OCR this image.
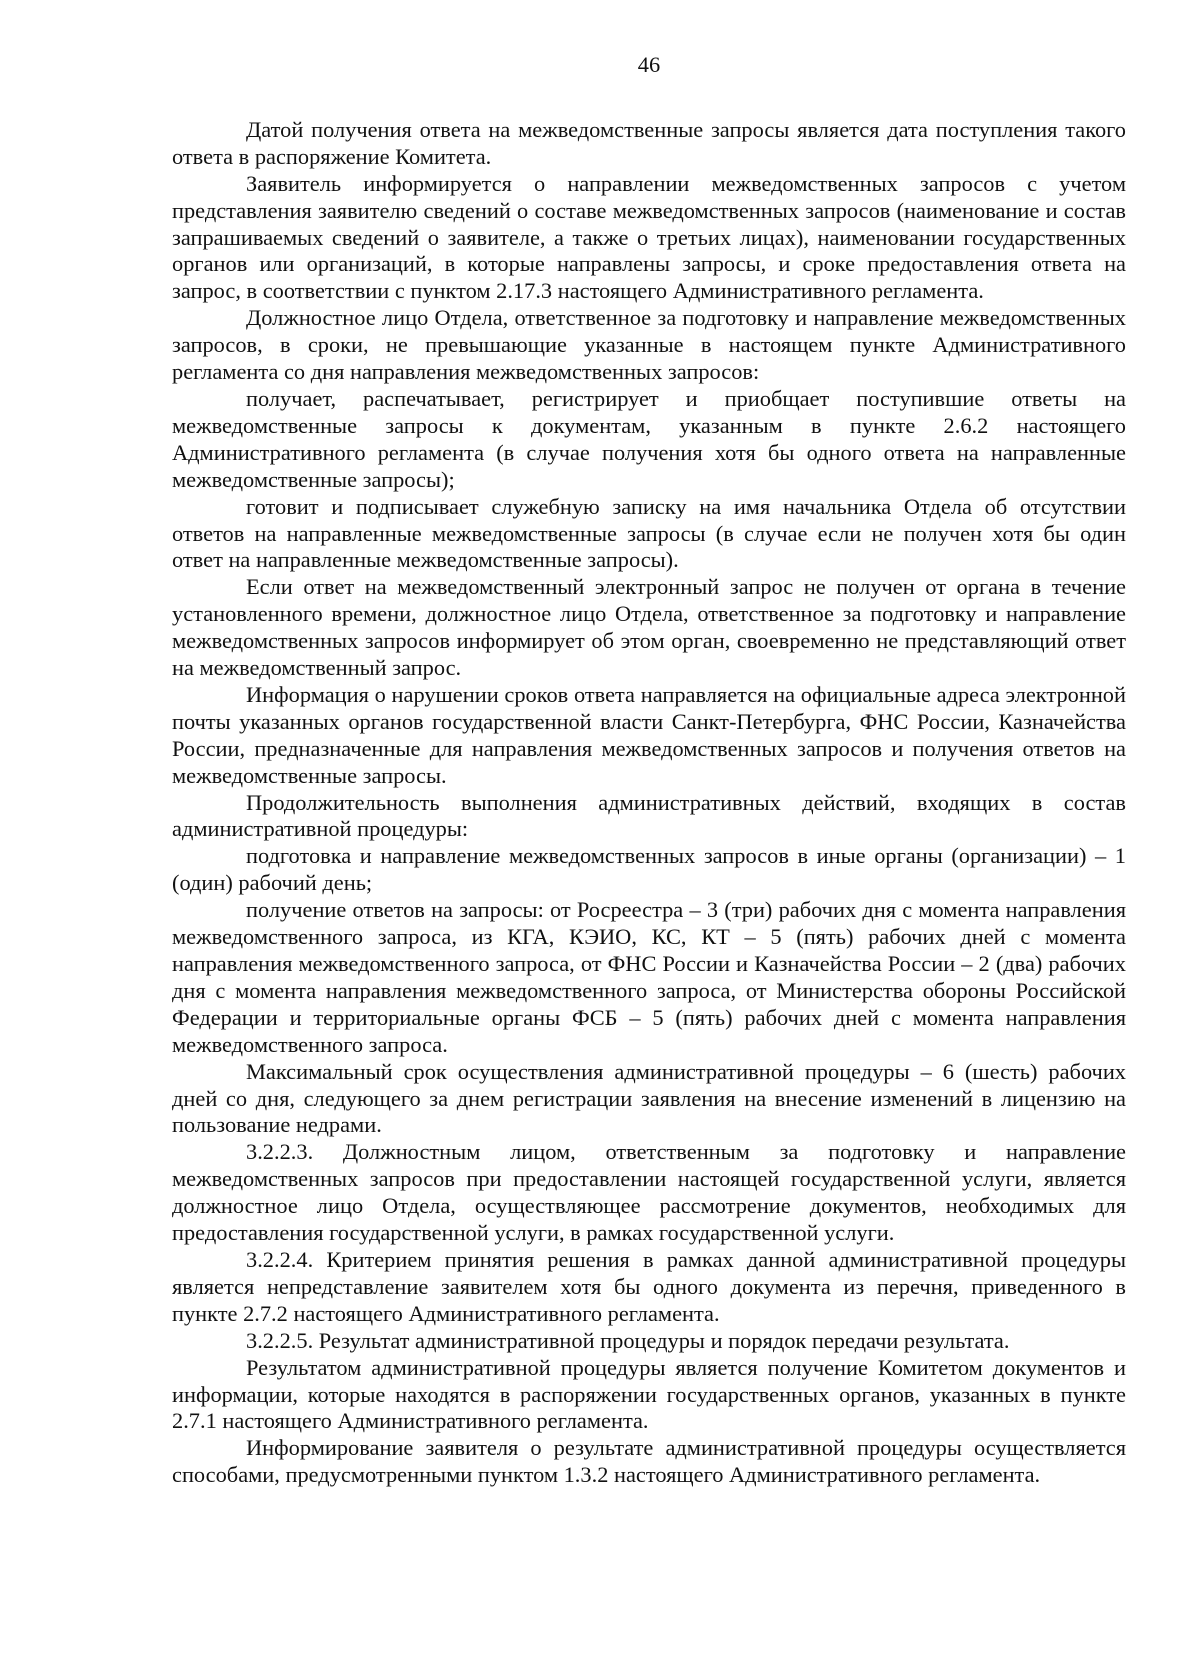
46

Датой получения ответа на межведомственные запросы является дата поступления такого ответа в распоряжение Комитета.

Заявитель информируется о направлении межведомственных запросов с учетом представления заявителю сведений о составе межведомственных запросов (наименование и состав запрашиваемых сведений о заявителе, а также о третьих лицах), наименовании государственных органов или организаций, в которые направлены запросы, и сроке предоставления ответа на запрос, в соответствии с пунктом 2.17.3 настоящего Административного регламента.

Должностное лицо Отдела, ответственное за подготовку и направление межведомственных запросов, в сроки, не превышающие указанные в настоящем пункте Административного регламента со дня направления межведомственных запросов:

получает, распечатывает, регистрирует и приобщает поступившие ответы на межведомственные запросы к документам, указанным в пункте 2.6.2 настоящего Административного регламента (в случае получения хотя бы одного ответа на направленные межведомственные запросы);

готовит и подписывает служебную записку на имя начальника Отдела об отсутствии ответов на направленные межведомственные запросы (в случае если не получен хотя бы один ответ на направленные межведомственные запросы).

Если ответ на межведомственный электронный запрос не получен от органа в течение установленного времени, должностное лицо Отдела, ответственное за подготовку и направление межведомственных запросов информирует об этом орган, своевременно не представляющий ответ на межведомственный запрос.

Информация о нарушении сроков ответа направляется на официальные адреса электронной почты указанных органов государственной власти Санкт-Петербурга, ФНС России, Казначейства России, предназначенные для направления межведомственных запросов и получения ответов на межведомственные запросы.

Продолжительность выполнения административных действий, входящих в состав административной процедуры:

подготовка и направление межведомственных запросов в иные органы (организации) – 1 (один) рабочий день;

получение ответов на запросы: от Росреестра – 3 (три) рабочих дня с момента направления межведомственного запроса, из КГА, КЭИО, КС, КТ – 5 (пять) рабочих дней с момента направления межведомственного запроса, от ФНС России и Казначейства России – 2 (два) рабочих дня с момента направления межведомственного запроса, от Министерства обороны Российской Федерации и территориальные органы ФСБ – 5 (пять) рабочих дней с момента направления межведомственного запроса.

Максимальный срок осуществления административной процедуры – 6 (шесть) рабочих дней со дня, следующего за днем регистрации заявления на внесение изменений в лицензию на пользование недрами.

3.2.2.3. Должностным лицом, ответственным за подготовку и направление межведомственных запросов при предоставлении настоящей государственной услуги, является должностное лицо Отдела, осуществляющее рассмотрение документов, необходимых для предоставления государственной услуги, в рамках государственной услуги.

3.2.2.4. Критерием принятия решения в рамках данной административной процедуры является непредставление заявителем хотя бы одного документа из перечня, приведенного в пункте 2.7.2 настоящего Административного регламента.

3.2.2.5. Результат административной процедуры и порядок передачи результата.

Результатом административной процедуры является получение Комитетом документов и информации, которые находятся в распоряжении государственных органов, указанных в пункте 2.7.1 настоящего Административного регламента.

Информирование заявителя о результате административной процедуры осуществляется способами, предусмотренными пунктом 1.3.2 настоящего Административного регламента.
